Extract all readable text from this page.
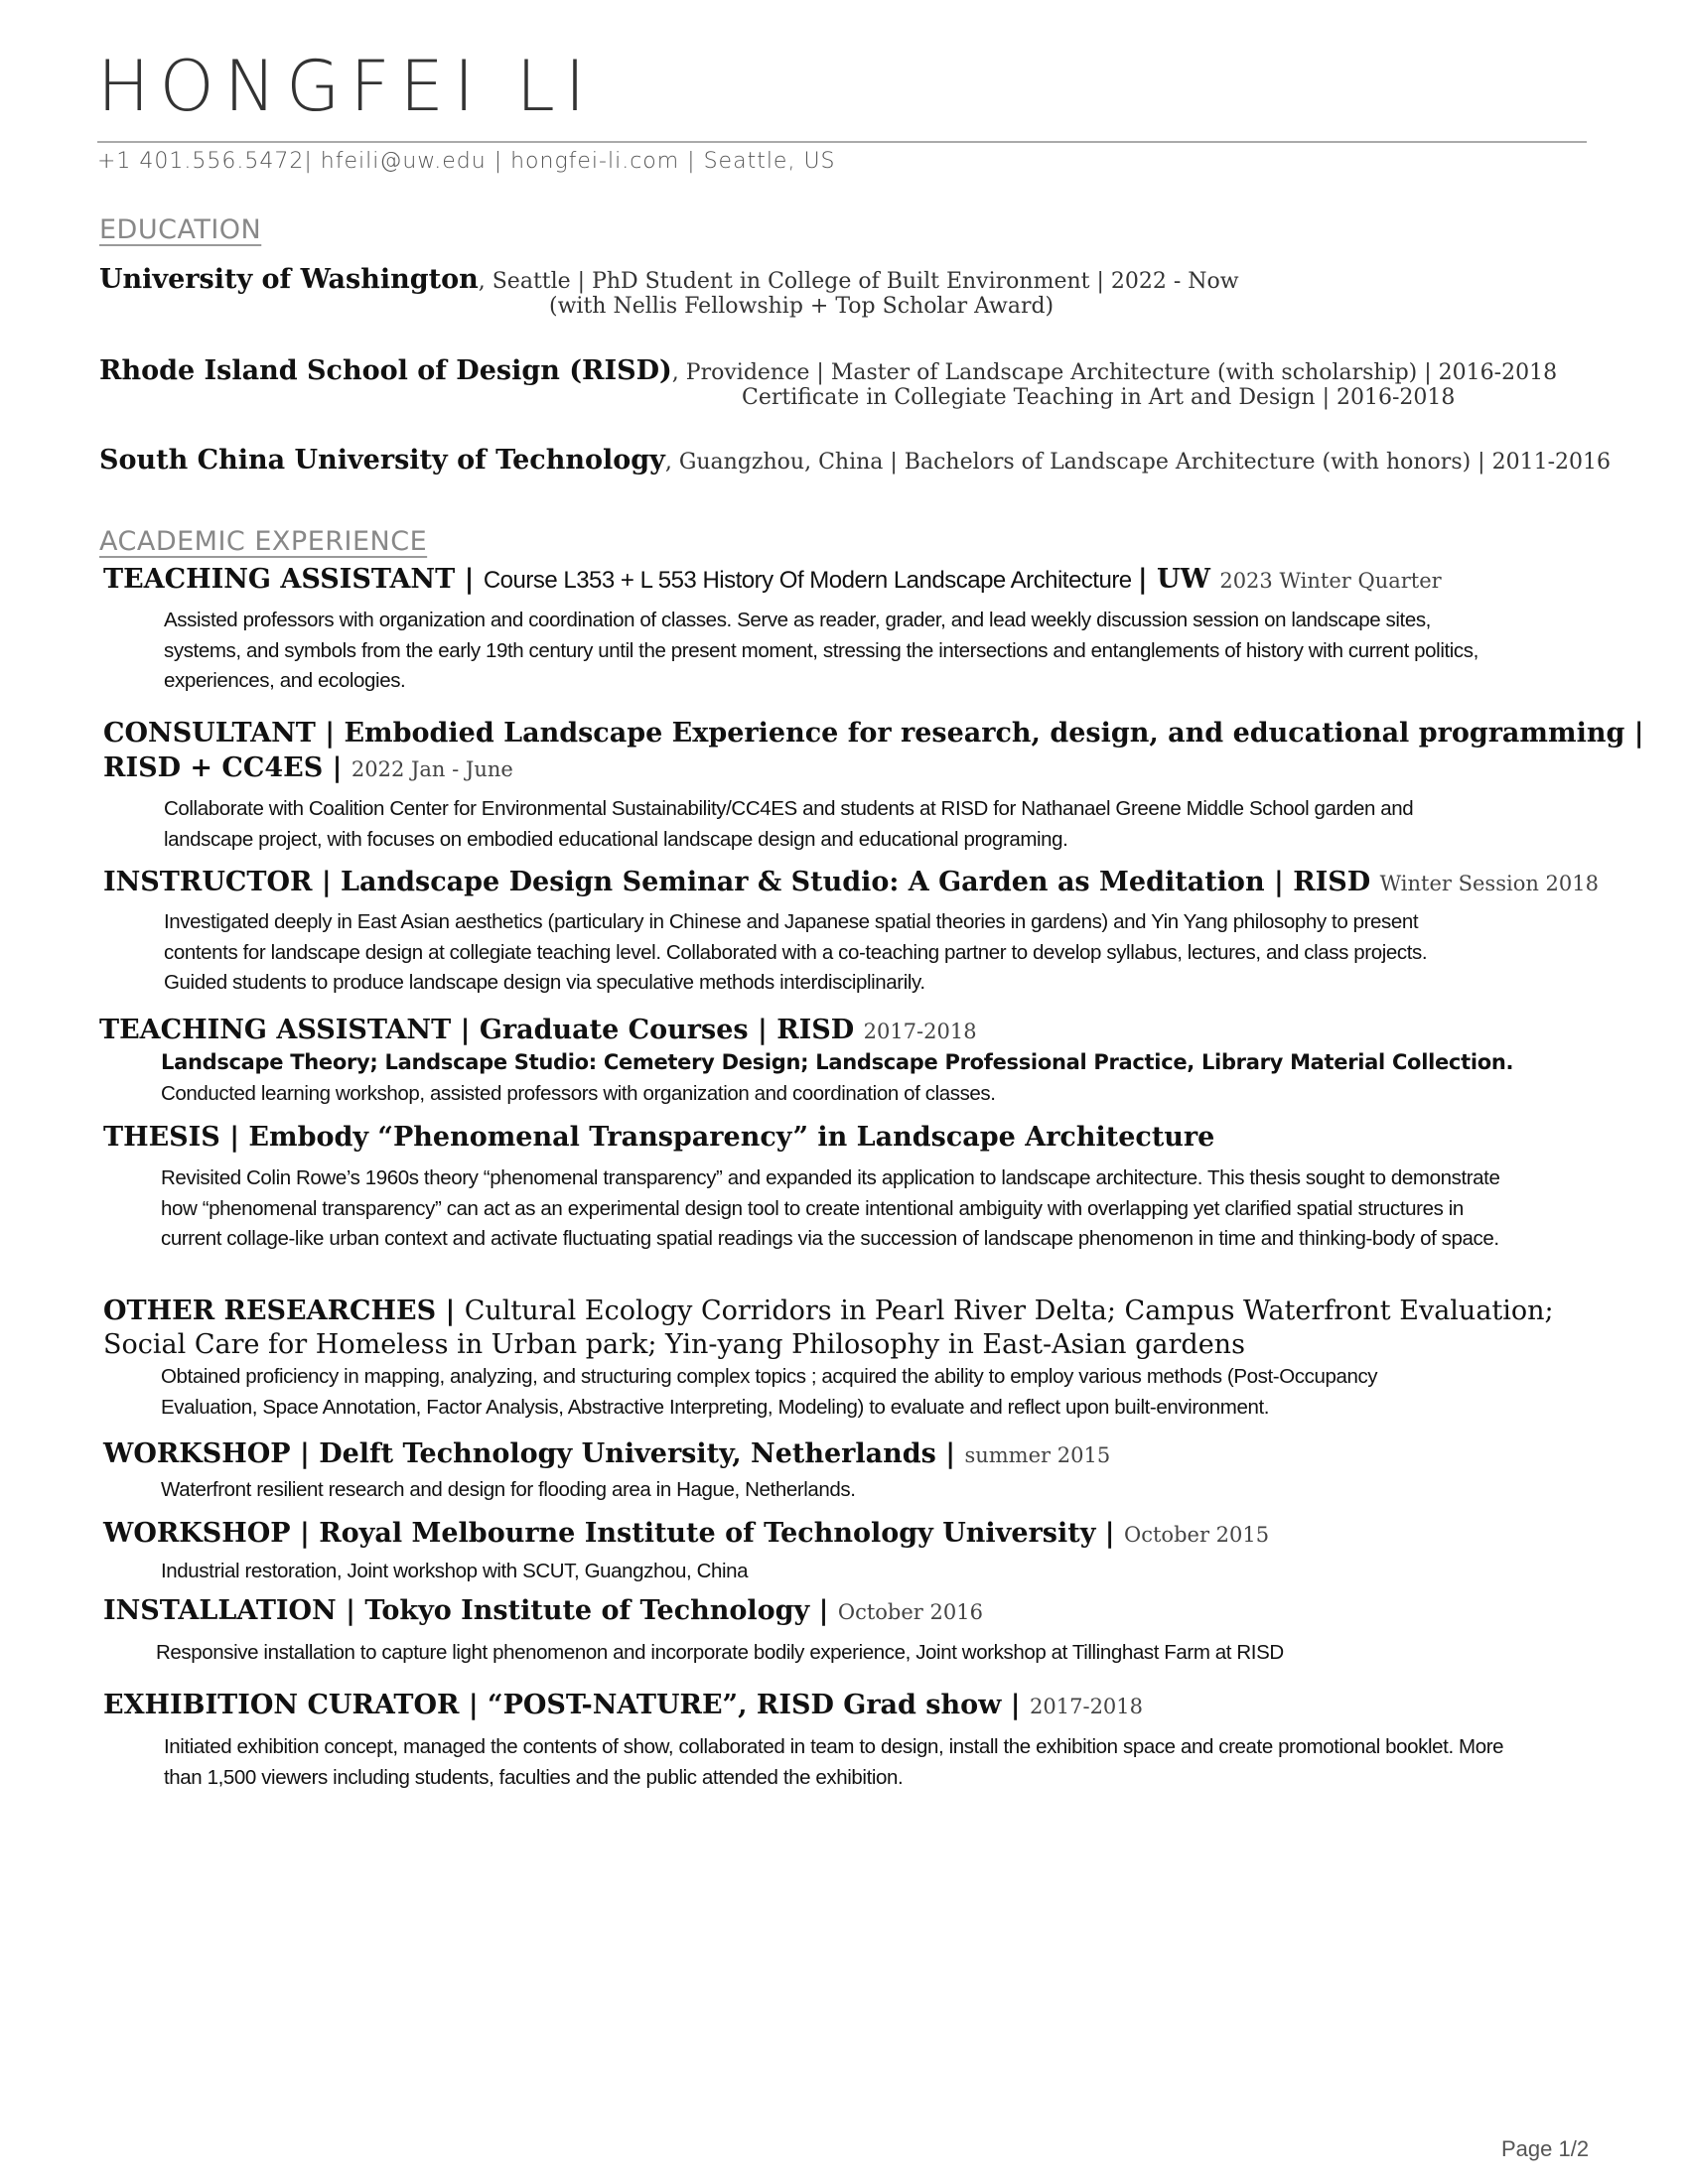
HONGFEI LI
+1 401.556.5472| hfeili@uw.edu | hongfei-li.com | Seattle, US
EDUCATION
University of Washington, Seattle | PhD Student in College of Built Environment | 2022 - Now
(with Nellis Fellowship + Top Scholar Award)
Rhode Island School of Design (RISD), Providence | Master of Landscape Architecture (with scholarship) | 2016-2018
Certificate in Collegiate Teaching in Art and Design | 2016-2018
South China University of Technology, Guangzhou, China | Bachelors of Landscape Architecture (with honors) | 2011-2016
ACADEMIC EXPERIENCE
TEACHING ASSISTANT | Course L353 + L 553 History Of Modern Landscape Architecture | UW 2023 Winter Quarter

Assisted professors with organization and coordination of classes. Serve as reader, grader, and lead weekly discussion session on landscape sites, systems, and symbols from the early 19th century until the present moment, stressing the intersections and entanglements of history with current politics, experiences, and ecologies.

CONSULTANT | Embodied Landscape Experience for research, design, and educational programming |
RISD + CC4ES | 2022 Jan - June

Collaborate with Coalition Center for Environmental Sustainability/CC4ES and students at RISD for Nathanael Greene Middle School garden and landscape project, with focuses on embodied educational landscape design and educational programing.

INSTRUCTOR | Landscape Design Seminar & Studio: A Garden as Meditation | RISD Winter Session 2018

Investigated deeply in East Asian aesthetics (particulary in Chinese and Japanese spatial theories in gardens) and Yin Yang philosophy to present contents for landscape design at collegiate teaching level. Collaborated with a co-teaching partner to develop syllabus, lectures, and class projects. Guided students to produce landscape design via speculative methods interdisciplinarily.

TEACHING ASSISTANT | Graduate Courses | RISD 2017-2018
Landscape Theory; Landscape Studio: Cemetery Design; Landscape Professional Practice, Library Material Collection.

Conducted learning workshop, assisted professors with organization and coordination of classes.

THESIS | Embody “Phenomenal Transparency” in Landscape Architecture

Revisited Colin Rowe’s 1960s theory “phenomenal transparency” and expanded its application to landscape architecture. This thesis sought to demonstrate how “phenomenal transparency” can act as an experimental design tool to create intentional ambiguity with overlapping yet clarified spatial structures in current collage-like urban context and activate fluctuating spatial readings via the succession of landscape phenomenon in time and thinking-body of space.

OTHER RESEARCHES | Cultural Ecology Corridors in Pearl River Delta; Campus Waterfront Evaluation;
Social Care for Homeless in Urban park; Yin-yang Philosophy in East-Asian gardens

Obtained proficiency in mapping, analyzing, and structuring complex topics ; acquired the ability to employ various methods (Post-Occupancy Evaluation, Space Annotation, Factor Analysis, Abstractive Interpreting, Modeling) to evaluate and reflect upon built-environment.

WORKSHOP | Delft Technology University, Netherlands | summer 2015

Waterfront resilient research and design for flooding area in Hague, Netherlands.

WORKSHOP | Royal Melbourne Institute of Technology University | October 2015

Industrial restoration, Joint workshop with SCUT, Guangzhou, China

INSTALLATION | Tokyo Institute of Technology | October 2016

Responsive installation to capture light phenomenon and incorporate bodily experience, Joint workshop at Tillinghast Farm at RISD

EXHIBITION CURATOR | “POST-NATURE”, RISD Grad show | 2017-2018

Initiated exhibition concept, managed the contents of show, collaborated in team to design, install the exhibition space and create promotional booklet. More than 1,500 viewers including students, faculties and the public attended the exhibition.

Page 1/2
